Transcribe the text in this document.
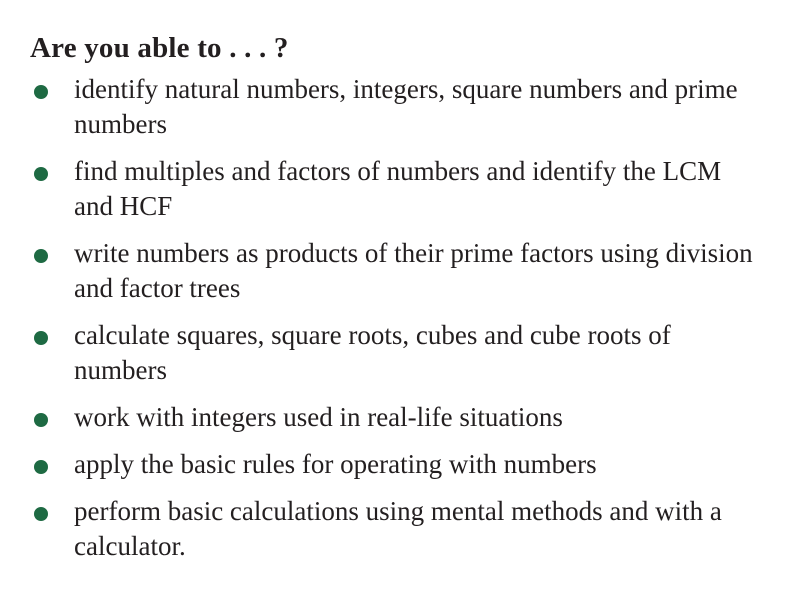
Are you able to . . . ?
identify natural numbers, integers, square numbers and prime numbers
find multiples and factors of numbers and identify the LCM and HCF
write numbers as products of their prime factors using division and factor trees
calculate squares, square roots, cubes and cube roots of numbers
work with integers used in real-life situations
apply the basic rules for operating with numbers
perform basic calculations using mental methods and with a calculator.
